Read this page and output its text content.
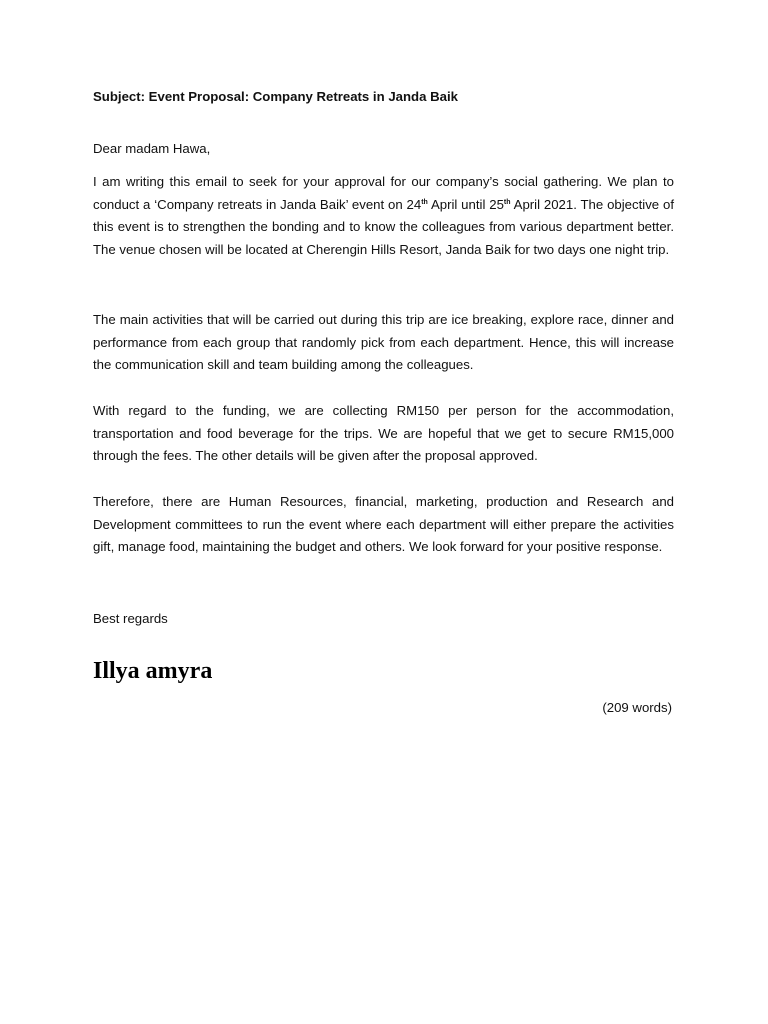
Subject: Event Proposal: Company Retreats in Janda Baik
Dear madam Hawa,
I am writing this email to seek for your approval for our company’s social gathering. We plan to conduct a ‘Company retreats in Janda Baik’ event on 24th April until 25th April 2021. The objective of this event is to strengthen the bonding and to know the colleagues from various department better. The venue chosen will be located at Cherengin Hills Resort, Janda Baik for two days one night trip.
The main activities that will be carried out during this trip are ice breaking, explore race, dinner and performance from each group that randomly pick from each department. Hence, this will increase the communication skill and team building among the colleagues.
With regard to the funding, we are collecting RM150 per person for the accommodation, transportation and food beverage for the trips. We are hopeful that we get to secure RM15,000 through the fees. The other details will be given after the proposal approved.
Therefore, there are Human Resources, financial, marketing, production and Research and Development committees to run the event where each department will either prepare the activities gift, manage food, maintaining the budget and others. We look forward for your positive response.
Best regards
Illya amyra
(209 words)
